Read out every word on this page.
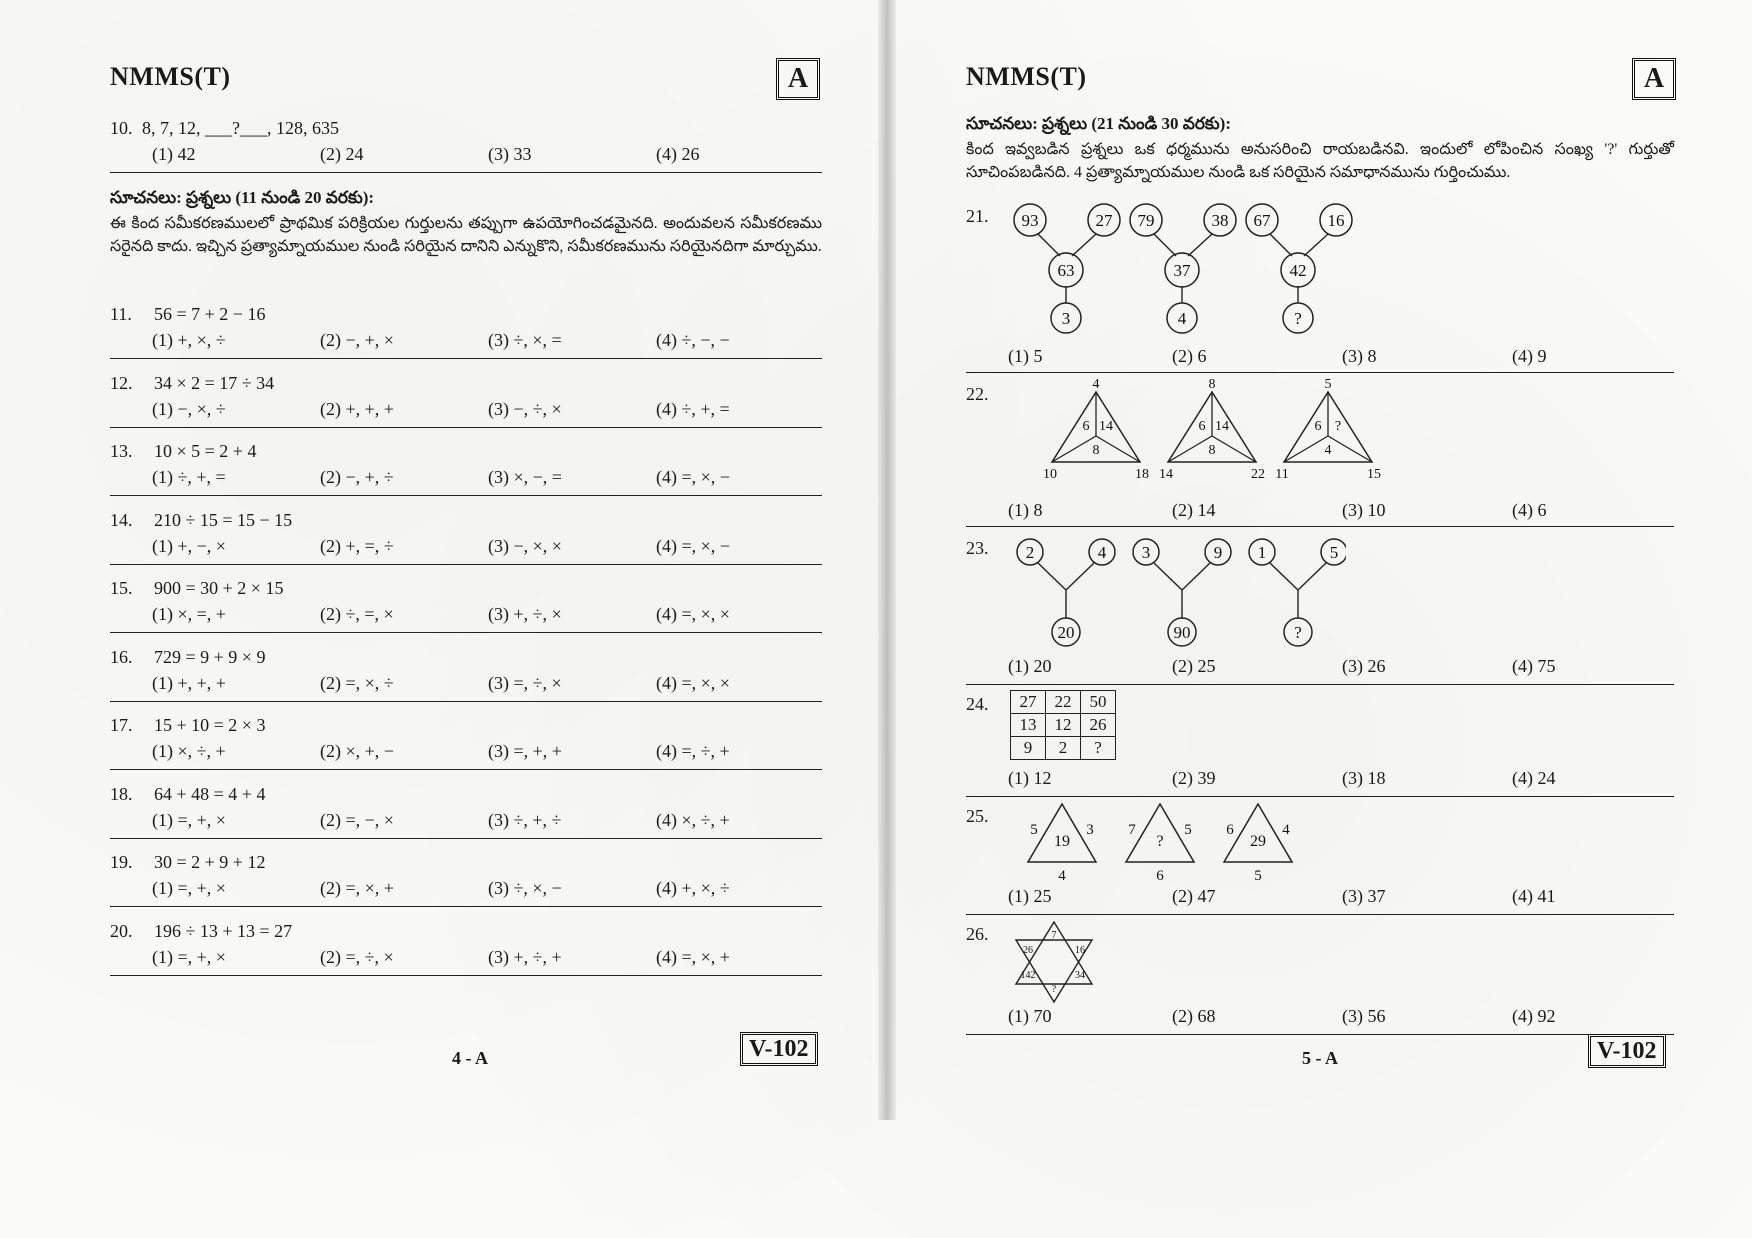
NMMS(T)	A
10. 8, 7, 12, ___?___, 128, 635
(1) 42	(2) 24	(3) 33	(4) 26
సూచనలు: ప్రశ్నలు (11 నుండి 20 వరకు):
ఈ కింద సమీకరణములలో ప్రాథమిక పరిక్రియల గుర్తులను తప్పుగా ఉపయోగించడమైనది. అందువలన సమీకరణము సరైనది కాదు. ఇచ్చిన ప్రత్యామ్నాయముల నుండి సరియైన దానిని ఎన్నుకొని, సమీకరణమును సరియైనదిగా మార్చుము.
11. 56 = 7 + 2 − 16
(1) +, ×, ÷	(2) −, +, ×	(3) ÷, ×, =	(4) ÷, −, −
12. 34 × 2 = 17 ÷ 34
(1) −, ×, ÷	(2) +, +, +	(3) −, ÷, ×	(4) ÷, +, =
13. 10 × 5 = 2 + 4
(1) ÷, +, =	(2) −, +, ÷	(3) ×, −, =	(4) =, ×, −
14. 210 ÷ 15 = 15 − 15
(1) +, −, ×	(2) +, =, ÷	(3) −, ×, ×	(4) =, ×, −
15. 900 = 30 + 2 × 15
(1) ×, =, +	(2) ÷, =, ×	(3) +, ÷, ×	(4) =, ×, ×
16. 729 = 9 + 9 × 9
(1) +, +, +	(2) =, ×, ÷	(3) =, ÷, ×	(4) =, ×, ×
17. 15 + 10 = 2 × 3
(1) ×, ÷, +	(2) ×, +, −	(3) =, +, +	(4) =, ÷, +
18. 64 + 48 = 4 + 4
(1) =, +, ×	(2) =, −, ×	(3) ÷, +, ÷	(4) ×, ÷, +
19. 30 = 2 + 9 + 12
(1) =, +, ×	(2) =, ×, +	(3) ÷, ×, −	(4) +, ×, ÷
20. 196 ÷ 13 + 13 = 27
(1) =, +, ×	(2) =, ÷, ×	(3) +, ÷, +	(4) =, ×, +
4 - A	V-102
NMMS(T)	A
సూచనలు: ప్రశ్నలు (21 నుండి 30 వరకు):
కింద ఇవ్వబడిన ప్రశ్నలు ఒక ధర్మమును అనుసరించి రాయబడినవి. ఇందులో లోపించిన సంఖ్య '?' గుర్తుతో సూచింపబడినది. 4 ప్రత్యామ్నాయముల నుండి ఒక సరియైన సమాధానమును గుర్తించుము.
21. 93	27
63
3
79	38
37
4
67	16
42
?
(1) 5	(2) 6	(3) 8	(4) 9
22.	4
6 14
8
10	18
8
6 14
8
14	22
5
6 ?
4
11	15
(1) 8	(2) 14	(3) 10	(4) 6
23. 2	4
20
3	9
90
1	5
?
(1) 20	(2) 25	(3) 26	(4) 75
24. 27	22	50
13	12	26
9	2	?
(1) 12	(2) 39	(3) 18	(4) 24
25.
19
5	3
4
?
7	5
6
29
6	4
5
(1) 25	(2) 47	(3) 37	(4) 41
26.	7
26	16
142	34
?
(1) 70	(2) 68	(3) 56	(4) 92
5 - A	V-102
